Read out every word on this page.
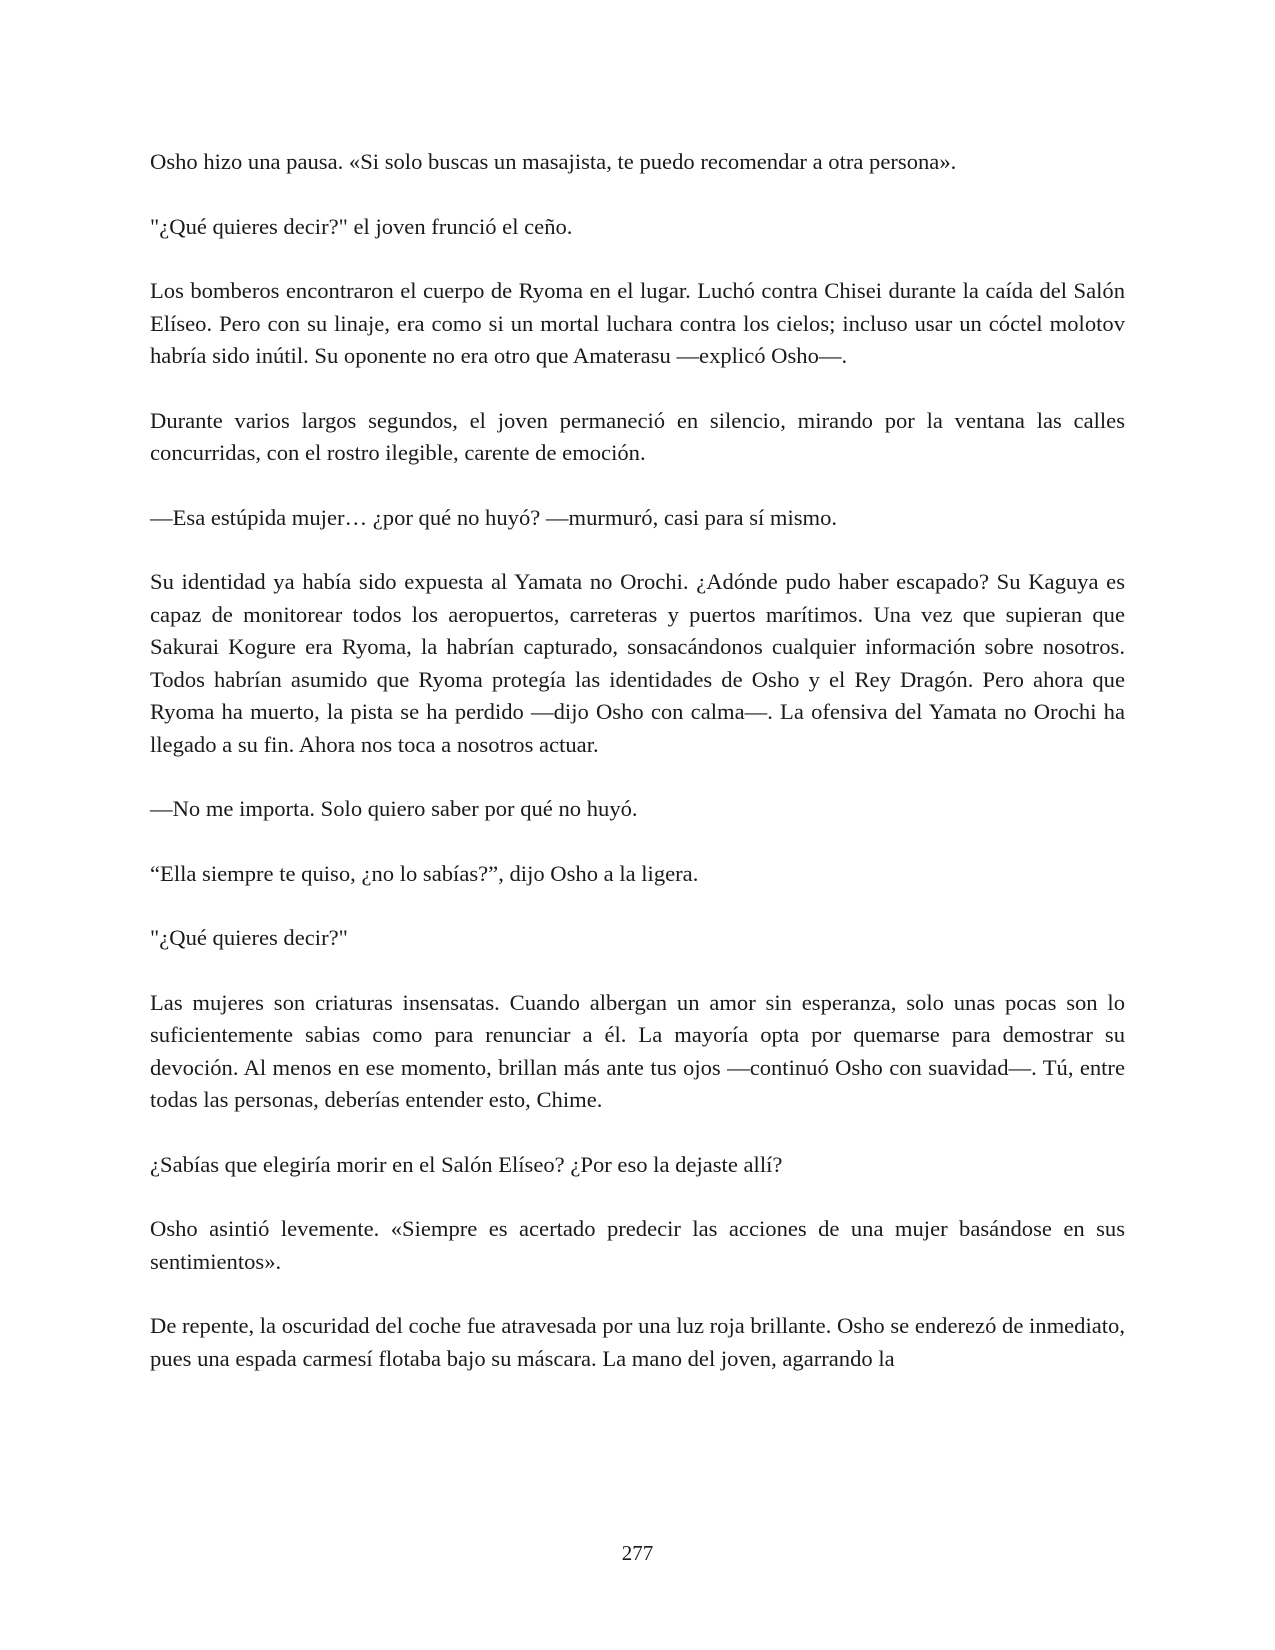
Osho hizo una pausa. «Si solo buscas un masajista, te puedo recomendar a otra persona».

"¿Qué quieres decir?" el joven frunció el ceño.

Los bomberos encontraron el cuerpo de Ryoma en el lugar. Luchó contra Chisei durante la caída del Salón Elíseo. Pero con su linaje, era como si un mortal luchara contra los cielos; incluso usar un cóctel molotov habría sido inútil. Su oponente no era otro que Amaterasu —explicó Osho—.

Durante varios largos segundos, el joven permaneció en silencio, mirando por la ventana las calles concurridas, con el rostro ilegible, carente de emoción.

—Esa estúpida mujer… ¿por qué no huyó? —murmuró, casi para sí mismo.

Su identidad ya había sido expuesta al Yamata no Orochi. ¿Adónde pudo haber escapado? Su Kaguya es capaz de monitorear todos los aeropuertos, carreteras y puertos marítimos. Una vez que supieran que Sakurai Kogure era Ryoma, la habrían capturado, sonsacándonos cualquier información sobre nosotros. Todos habrían asumido que Ryoma protegía las identidades de Osho y el Rey Dragón. Pero ahora que Ryoma ha muerto, la pista se ha perdido —dijo Osho con calma—. La ofensiva del Yamata no Orochi ha llegado a su fin. Ahora nos toca a nosotros actuar.

—No me importa. Solo quiero saber por qué no huyó.

“Ella siempre te quiso, ¿no lo sabías?”, dijo Osho a la ligera.

"¿Qué quieres decir?"

Las mujeres son criaturas insensatas. Cuando albergan un amor sin esperanza, solo unas pocas son lo suficientemente sabias como para renunciar a él. La mayoría opta por quemarse para demostrar su devoción. Al menos en ese momento, brillan más ante tus ojos —continuó Osho con suavidad—. Tú, entre todas las personas, deberías entender esto, Chime.

¿Sabías que elegiría morir en el Salón Elíseo? ¿Por eso la dejaste allí?

Osho asintió levemente. «Siempre es acertado predecir las acciones de una mujer basándose en sus sentimientos».

De repente, la oscuridad del coche fue atravesada por una luz roja brillante. Osho se enderezó de inmediato, pues una espada carmesí flotaba bajo su máscara. La mano del joven, agarrando la

277
